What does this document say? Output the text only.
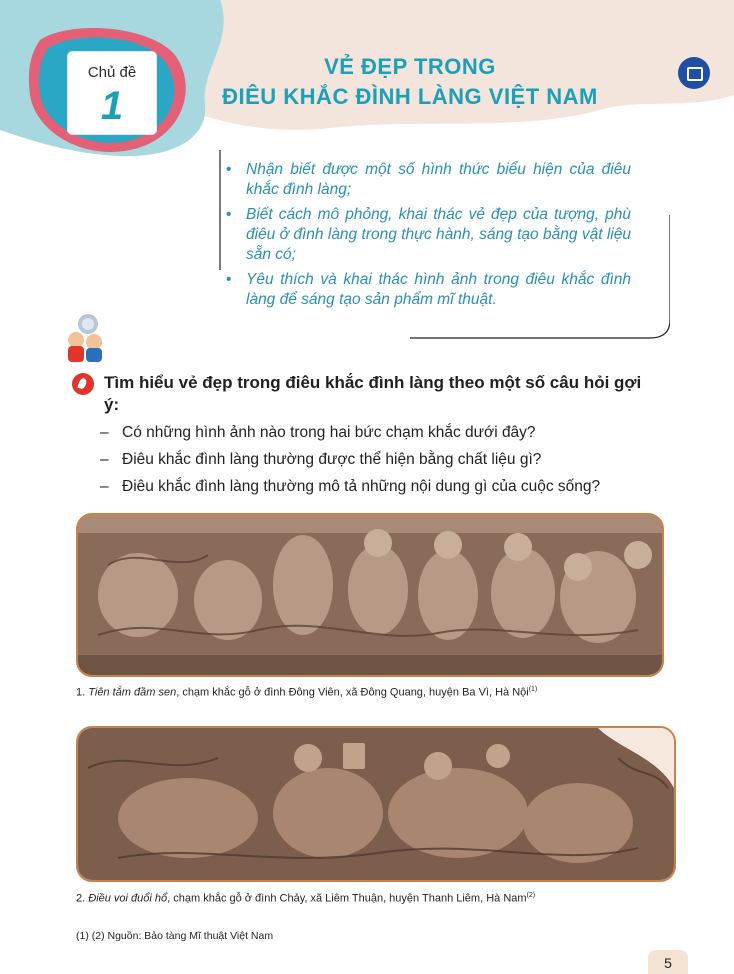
Chủ đề
1
VẺ ĐẸP TRONG
ĐIÊU KHẮC ĐÌNH LÀNG VIỆT NAM
• Nhận biết được một số hình thức biểu hiện của điêu khắc đình làng;
• Biết cách mô phỏng, khai thác vẻ đẹp của tượng, phù điêu ở đình làng trong thực hành, sáng tạo bằng vật liệu sẵn có;
• Yêu thích và khai thác hình ảnh trong điêu khắc đình làng để sáng tạo sản phẩm mĩ thuật.
Tìm hiểu vẻ đẹp trong điêu khắc đình làng theo một số câu hỏi gợi ý:
– Có những hình ảnh nào trong hai bức chạm khắc dưới đây?
– Điêu khắc đình làng thường được thể hiện bằng chất liệu gì?
– Điêu khắc đình làng thường mô tả những nội dung gì của cuộc sống?
1. Tiên tắm đầm sen, chạm khắc gỗ ở đình Đông Viên, xã Đông Quang, huyện Ba Vì, Hà Nội$^{(1)}$
2. Điều voi đuổi hổ, chạm khắc gỗ ở đình Chảy, xã Liêm Thuận, huyện Thanh Liêm, Hà Nam$^{(2)}$
(1) (2) Nguồn: Bảo tàng Mĩ thuật Việt Nam
5
